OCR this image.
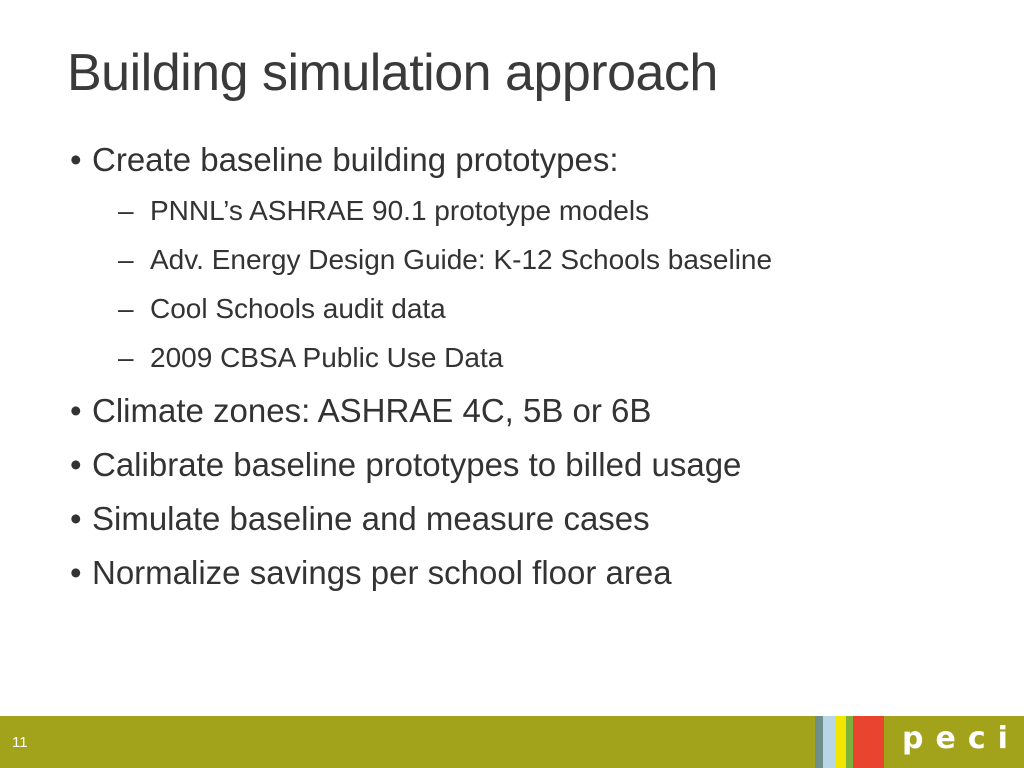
Building simulation approach
• Create baseline building prototypes:
– PNNL’s ASHRAE 90.1 prototype models
– Adv. Energy Design Guide: K-12 Schools baseline
– Cool Schools audit data
– 2009 CBSA Public Use Data
• Climate zones: ASHRAE 4C, 5B or 6B
• Calibrate baseline prototypes to billed usage
• Simulate baseline and measure cases
• Normalize savings per school floor area
11	peci
